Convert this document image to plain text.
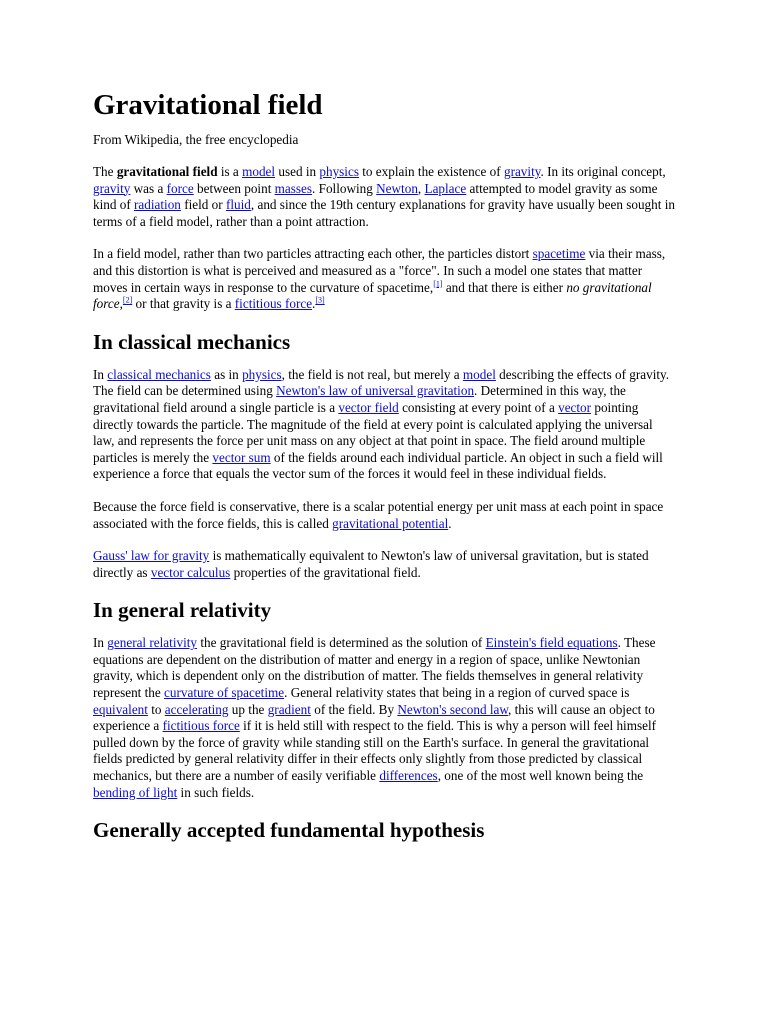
Gravitational field
From Wikipedia, the free encyclopedia

The gravitational field is a model used in physics to explain the existence of gravity. In its original concept, gravity was a force between point masses. Following Newton, Laplace attempted to model gravity as some kind of radiation field or fluid, and since the 19th century explanations for gravity have usually been sought in terms of a field model, rather than a point attraction.

In a field model, rather than two particles attracting each other, the particles distort spacetime via their mass, and this distortion is what is perceived and measured as a "force". In such a model one states that matter moves in certain ways in response to the curvature of spacetime,[1] and that there is either no gravitational force,[2] or that gravity is a fictitious force.[3]

In classical mechanics

In classical mechanics as in physics, the field is not real, but merely a model describing the effects of gravity. The field can be determined using Newton's law of universal gravitation. Determined in this way, the gravitational field around a single particle is a vector field consisting at every point of a vector pointing directly towards the particle. The magnitude of the field at every point is calculated applying the universal law, and represents the force per unit mass on any object at that point in space. The field around multiple particles is merely the vector sum of the fields around each individual particle. An object in such a field will experience a force that equals the vector sum of the forces it would feel in these individual fields.

Because the force field is conservative, there is a scalar potential energy per unit mass at each point in space associated with the force fields, this is called gravitational potential.

Gauss' law for gravity is mathematically equivalent to Newton's law of universal gravitation, but is stated directly as vector calculus properties of the gravitational field.

In general relativity

In general relativity the gravitational field is determined as the solution of Einstein's field equations. These equations are dependent on the distribution of matter and energy in a region of space, unlike Newtonian gravity, which is dependent only on the distribution of matter. The fields themselves in general relativity represent the curvature of spacetime. General relativity states that being in a region of curved space is equivalent to accelerating up the gradient of the field. By Newton's second law, this will cause an object to experience a fictitious force if it is held still with respect to the field. This is why a person will feel himself pulled down by the force of gravity while standing still on the Earth's surface. In general the gravitational fields predicted by general relativity differ in their effects only slightly from those predicted by classical mechanics, but there are a number of easily verifiable differences, one of the most well known being the bending of light in such fields.

Generally accepted fundamental hypothesis
